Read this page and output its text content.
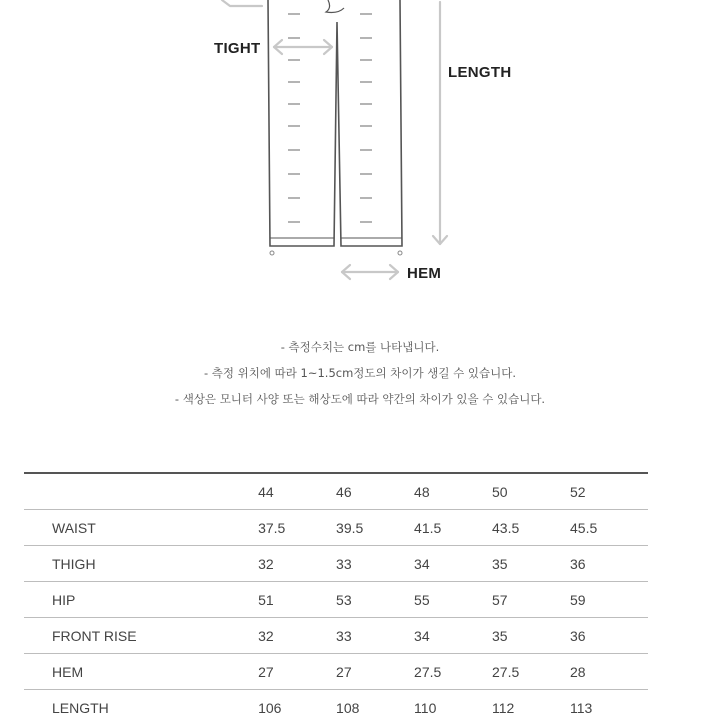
TIGHT
LENGTH
HEM
- 측정수치는 cm를 나타냅니다.
- 측정 위치에 따라 1~1.5cm정도의 차이가 생길 수 있습니다.
- 색상은 모니터 사양 또는 해상도에 따라 약간의 차이가 있을 수 있습니다.
	44	46	48	50	52
WAIST	37.5	39.5	41.5	43.5	45.5
THIGH	32	33	34	35	36
HIP	51	53	55	57	59
FRONT RISE	32	33	34	35	36
HEM	27	27	27.5	27.5	28
LENGTH	106	108	110	112	113
